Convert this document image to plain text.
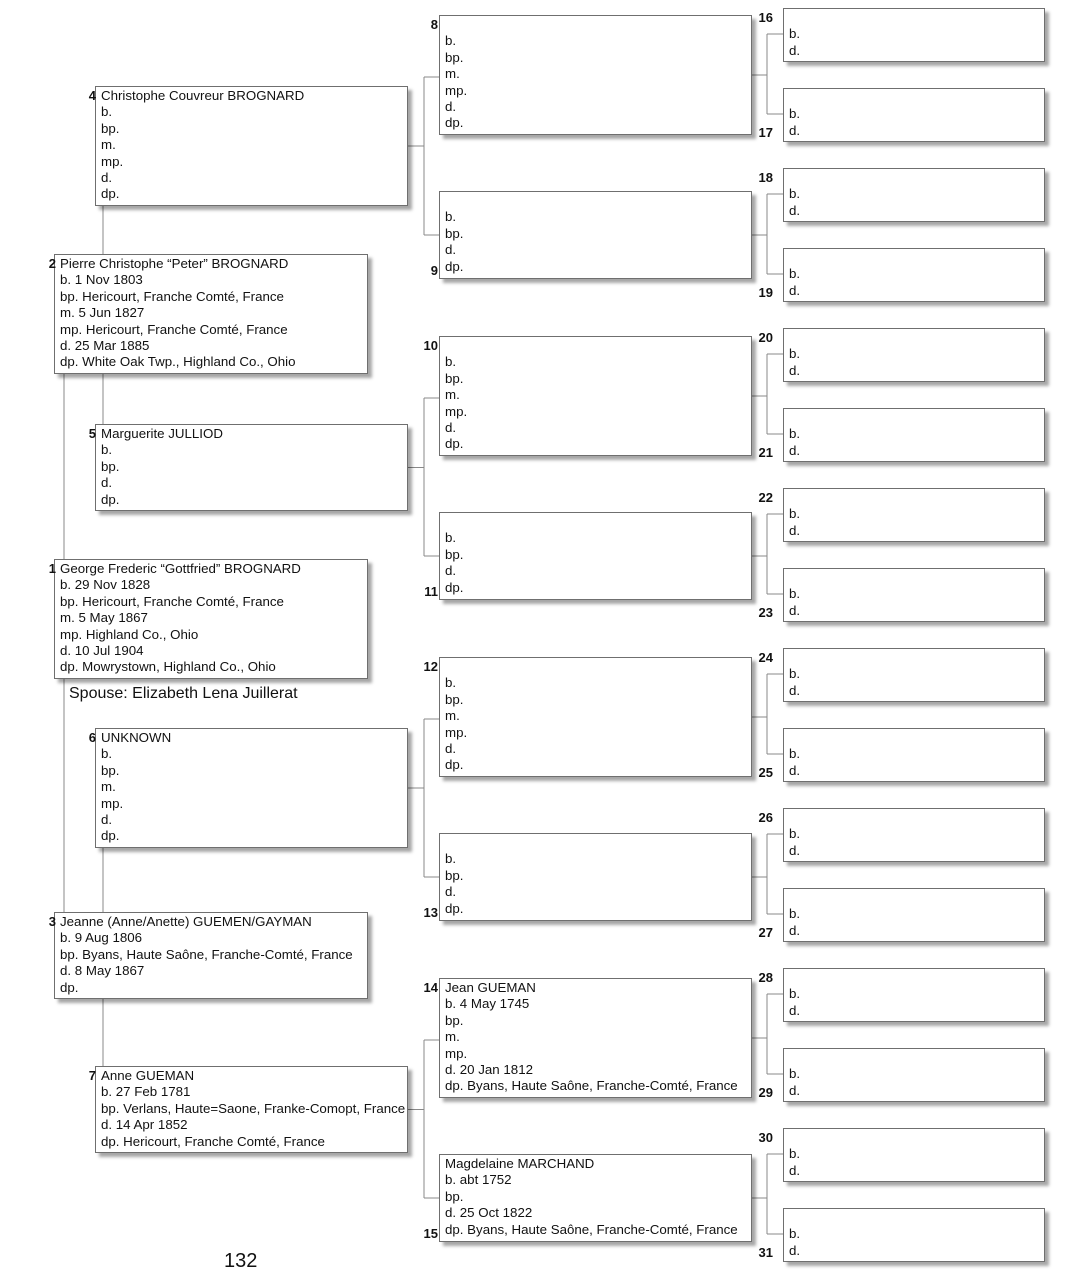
George Frederic “Gottfried” BROGNARD
b. 29 Nov 1828
bp. Hericourt, Franche Comté, France
m. 5 May 1867
mp. Highland Co., Ohio
d. 10 Jul 1904
dp. Mowrystown, Highland Co., Ohio
1
Pierre Christophe “Peter” BROGNARD
b. 1 Nov 1803
bp. Hericourt, Franche Comté, France
m. 5 Jun 1827
mp. Hericourt, Franche Comté, France
d. 25 Mar 1885
dp. White Oak Twp., Highland Co., Ohio
2
Jeanne (Anne/Anette) GUEMEN/GAYMAN
b. 9 Aug 1806
bp. Byans, Haute Saône, Franche-Comté, France
d. 8 May 1867
dp.
3
Christophe Couvreur BROGNARD
b.
bp.
m.
mp.
d.
dp.
4
Marguerite JULLIOD
b.
bp.
d.
dp.
5
UNKNOWN
b.
bp.
m.
mp.
d.
dp.
6
Anne GUEMAN
b. 27 Feb 1781
bp. Verlans, Haute=Saone, Franke-Comopt, France
d. 14 Apr 1852
dp. Hericourt, Franche Comté, France
7

b.
bp.
m.
mp.
d.
dp.
8

b.
bp.
d.
dp.
9

b.
bp.
m.
mp.
d.
dp.
10

b.
bp.
d.
dp.
11

b.
bp.
m.
mp.
d.
dp.
12

b.
bp.
d.
dp.
13
Jean GUEMAN
b. 4 May 1745
bp.
m.
mp.
d. 20 Jan 1812
dp. Byans, Haute Saône, Franche-Comté, France
14
Magdelaine MARCHAND
b. abt 1752
bp.
d. 25 Oct 1822
dp. Byans, Haute Saône, Franche-Comté, France
15

b.
d.
16

b.
d.
17

b.
d.
18

b.
d.
19

b.
d.
20

b.
d.
21

b.
d.
22

b.
d.
23

b.
d.
24

b.
d.
25

b.
d.
26

b.
d.
27

b.
d.
28

b.
d.
29

b.
d.
30

b.
d.
31
Spouse: Elizabeth Lena Juillerat
132
